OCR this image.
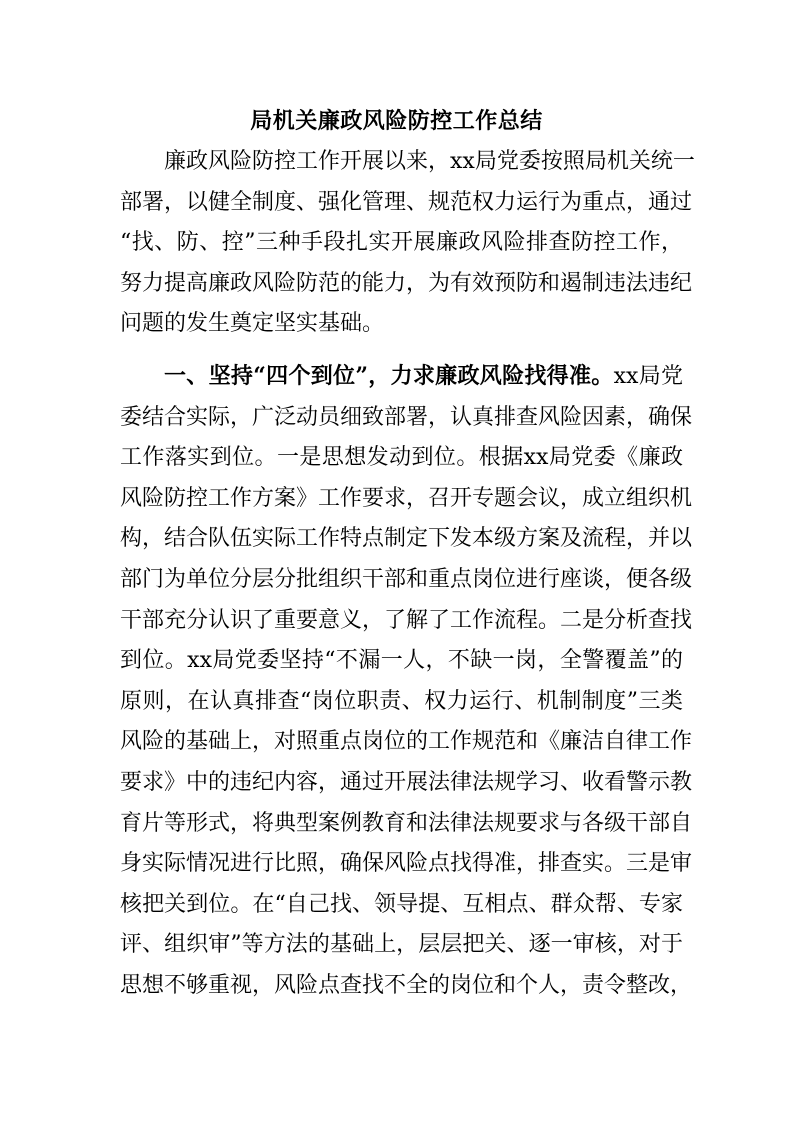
局机关廉政风险防控工作总结
廉政风险防控工作开展以来，xx局党委按照局机关统一
部署，以健全制度、强化管理、规范权力运行为重点，通过
“找、防、控”三种手段扎实开展廉政风险排查防控工作，
努力提高廉政风险防范的能力，为有效预防和遏制违法违纪
问题的发生奠定坚实基础。
一、坚持“四个到位”，力求廉政风险找得准。xx局党
委结合实际，广泛动员细致部署，认真排查风险因素，确保
工作落实到位。一是思想发动到位。根据xx局党委《廉政
风险防控工作方案》工作要求，召开专题会议，成立组织机
构，结合队伍实际工作特点制定下发本级方案及流程，并以
部门为单位分层分批组织干部和重点岗位进行座谈，便各级
干部充分认识了重要意义，了解了工作流程。二是分析查找
到位。xx局党委坚持“不漏一人，不缺一岗，全警覆盖”的
原则，在认真排查“岗位职责、权力运行、机制制度”三类
风险的基础上，对照重点岗位的工作规范和《廉洁自律工作
要求》中的违纪内容，通过开展法律法规学习、收看警示教
育片等形式，将典型案例教育和法律法规要求与各级干部自
身实际情况进行比照，确保风险点找得准，排查实。三是审
核把关到位。在“自己找、领导提、互相点、群众帮、专家
评、组织审”等方法的基础上，层层把关、逐一审核，对于
思想不够重视，风险点查找不全的岗位和个人，责令整改，
